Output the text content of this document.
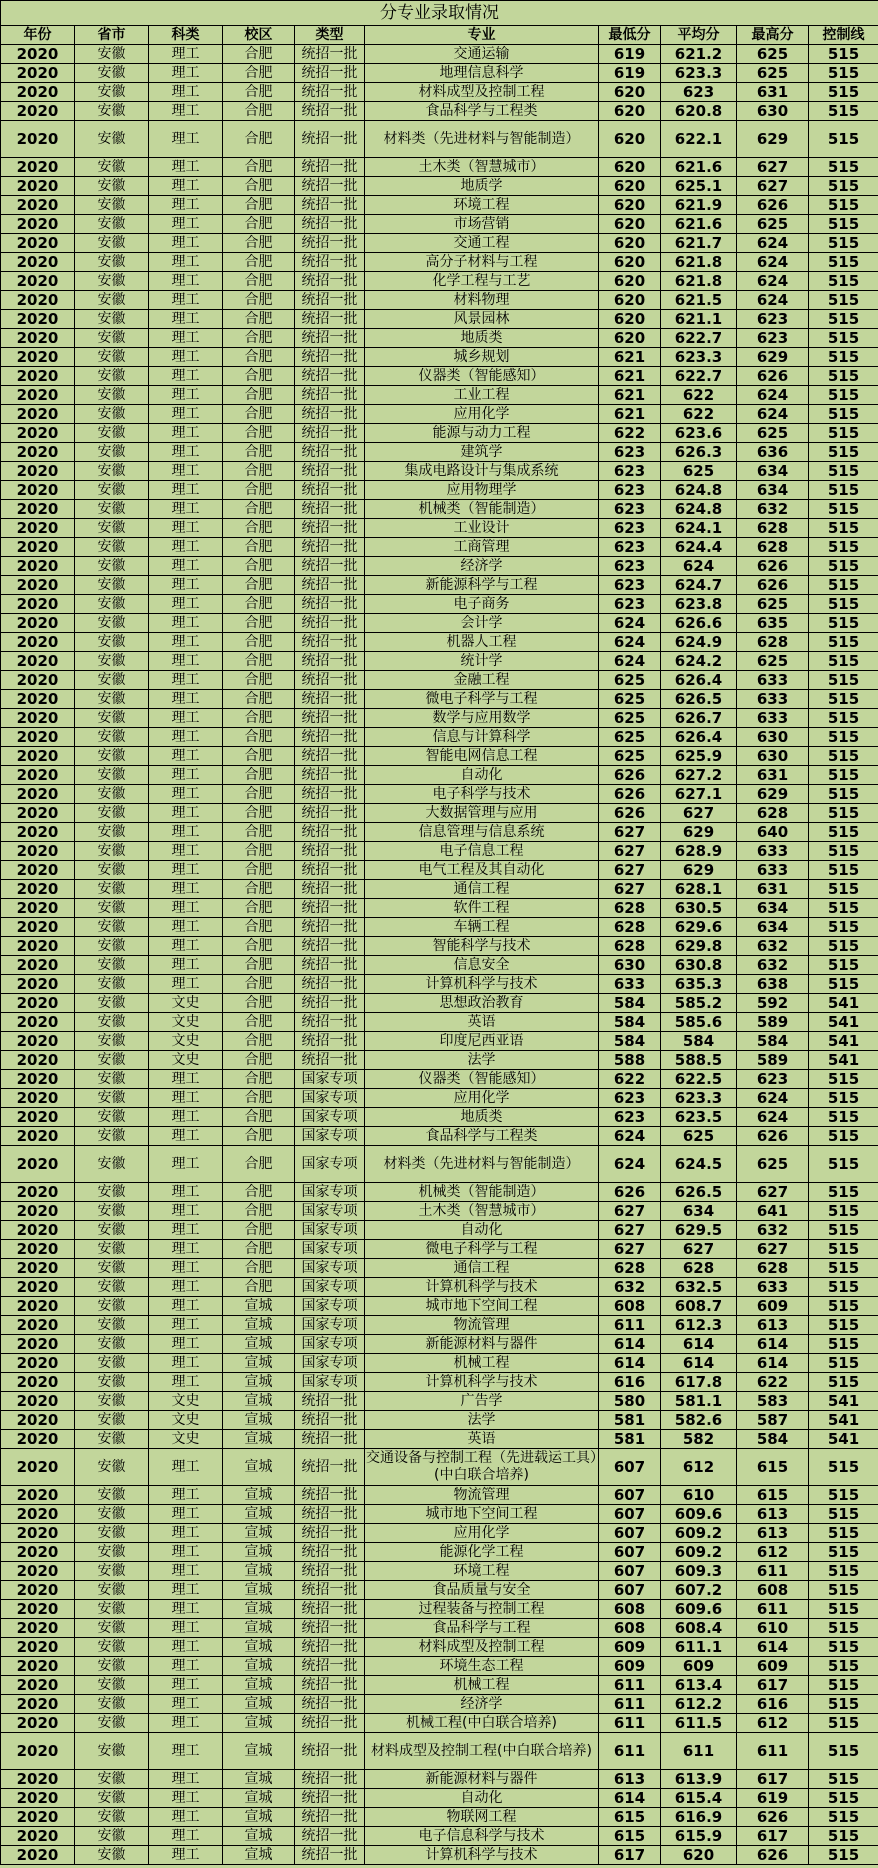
分专业录取情况
年份	省市	科类	校区	类型	专业	最低分	平均分	最高分	控制线
2020	安徽	理工	合肥	统招一批	交通运输	619	621.2	625	515
2020	安徽	理工	合肥	统招一批	地理信息科学	619	623.3	625	515
2020	安徽	理工	合肥	统招一批	材料成型及控制工程	620	623	631	515
2020	安徽	理工	合肥	统招一批	食品科学与工程类	620	620.8	630	515
2020	安徽	理工	合肥	统招一批	材料类（先进材料与智能制造）	620	622.1	629	515
2020	安徽	理工	合肥	统招一批	土木类（智慧城市）	620	621.6	627	515
2020	安徽	理工	合肥	统招一批	地质学	620	625.1	627	515
2020	安徽	理工	合肥	统招一批	环境工程	620	621.9	626	515
2020	安徽	理工	合肥	统招一批	市场营销	620	621.6	625	515
2020	安徽	理工	合肥	统招一批	交通工程	620	621.7	624	515
2020	安徽	理工	合肥	统招一批	高分子材料与工程	620	621.8	624	515
2020	安徽	理工	合肥	统招一批	化学工程与工艺	620	621.8	624	515
2020	安徽	理工	合肥	统招一批	材料物理	620	621.5	624	515
2020	安徽	理工	合肥	统招一批	风景园林	620	621.1	623	515
2020	安徽	理工	合肥	统招一批	地质类	620	622.7	623	515
2020	安徽	理工	合肥	统招一批	城乡规划	621	623.3	629	515
2020	安徽	理工	合肥	统招一批	仪器类（智能感知）	621	622.7	626	515
2020	安徽	理工	合肥	统招一批	工业工程	621	622	624	515
2020	安徽	理工	合肥	统招一批	应用化学	621	622	624	515
2020	安徽	理工	合肥	统招一批	能源与动力工程	622	623.6	625	515
2020	安徽	理工	合肥	统招一批	建筑学	623	626.3	636	515
2020	安徽	理工	合肥	统招一批	集成电路设计与集成系统	623	625	634	515
2020	安徽	理工	合肥	统招一批	应用物理学	623	624.8	634	515
2020	安徽	理工	合肥	统招一批	机械类（智能制造）	623	624.8	632	515
2020	安徽	理工	合肥	统招一批	工业设计	623	624.1	628	515
2020	安徽	理工	合肥	统招一批	工商管理	623	624.4	628	515
2020	安徽	理工	合肥	统招一批	经济学	623	624	626	515
2020	安徽	理工	合肥	统招一批	新能源科学与工程	623	624.7	626	515
2020	安徽	理工	合肥	统招一批	电子商务	623	623.8	625	515
2020	安徽	理工	合肥	统招一批	会计学	624	626.6	635	515
2020	安徽	理工	合肥	统招一批	机器人工程	624	624.9	628	515
2020	安徽	理工	合肥	统招一批	统计学	624	624.2	625	515
2020	安徽	理工	合肥	统招一批	金融工程	625	626.4	633	515
2020	安徽	理工	合肥	统招一批	微电子科学与工程	625	626.5	633	515
2020	安徽	理工	合肥	统招一批	数学与应用数学	625	626.7	633	515
2020	安徽	理工	合肥	统招一批	信息与计算科学	625	626.4	630	515
2020	安徽	理工	合肥	统招一批	智能电网信息工程	625	625.9	630	515
2020	安徽	理工	合肥	统招一批	自动化	626	627.2	631	515
2020	安徽	理工	合肥	统招一批	电子科学与技术	626	627.1	629	515
2020	安徽	理工	合肥	统招一批	大数据管理与应用	626	627	628	515
2020	安徽	理工	合肥	统招一批	信息管理与信息系统	627	629	640	515
2020	安徽	理工	合肥	统招一批	电子信息工程	627	628.9	633	515
2020	安徽	理工	合肥	统招一批	电气工程及其自动化	627	629	633	515
2020	安徽	理工	合肥	统招一批	通信工程	627	628.1	631	515
2020	安徽	理工	合肥	统招一批	软件工程	628	630.5	634	515
2020	安徽	理工	合肥	统招一批	车辆工程	628	629.6	634	515
2020	安徽	理工	合肥	统招一批	智能科学与技术	628	629.8	632	515
2020	安徽	理工	合肥	统招一批	信息安全	630	630.8	632	515
2020	安徽	理工	合肥	统招一批	计算机科学与技术	633	635.3	638	515
2020	安徽	文史	合肥	统招一批	思想政治教育	584	585.2	592	541
2020	安徽	文史	合肥	统招一批	英语	584	585.6	589	541
2020	安徽	文史	合肥	统招一批	印度尼西亚语	584	584	584	541
2020	安徽	文史	合肥	统招一批	法学	588	588.5	589	541
2020	安徽	理工	合肥	国家专项	仪器类（智能感知）	622	622.5	623	515
2020	安徽	理工	合肥	国家专项	应用化学	623	623.3	624	515
2020	安徽	理工	合肥	国家专项	地质类	623	623.5	624	515
2020	安徽	理工	合肥	国家专项	食品科学与工程类	624	625	626	515
2020	安徽	理工	合肥	国家专项	材料类（先进材料与智能制造）	624	624.5	625	515
2020	安徽	理工	合肥	国家专项	机械类（智能制造）	626	626.5	627	515
2020	安徽	理工	合肥	国家专项	土木类（智慧城市）	627	634	641	515
2020	安徽	理工	合肥	国家专项	自动化	627	629.5	632	515
2020	安徽	理工	合肥	国家专项	微电子科学与工程	627	627	627	515
2020	安徽	理工	合肥	国家专项	通信工程	628	628	628	515
2020	安徽	理工	合肥	国家专项	计算机科学与技术	632	632.5	633	515
2020	安徽	理工	宣城	国家专项	城市地下空间工程	608	608.7	609	515
2020	安徽	理工	宣城	国家专项	物流管理	611	612.3	613	515
2020	安徽	理工	宣城	国家专项	新能源材料与器件	614	614	614	515
2020	安徽	理工	宣城	国家专项	机械工程	614	614	614	515
2020	安徽	理工	宣城	国家专项	计算机科学与技术	616	617.8	622	515
2020	安徽	文史	宣城	统招一批	广告学	580	581.1	583	541
2020	安徽	文史	宣城	统招一批	法学	581	582.6	587	541
2020	安徽	文史	宣城	统招一批	英语	581	582	584	541
2020	安徽	理工	宣城	统招一批	交通设备与控制工程（先进载运工具）(中白联合培养)	607	612	615	515
2020	安徽	理工	宣城	统招一批	物流管理	607	610	615	515
2020	安徽	理工	宣城	统招一批	城市地下空间工程	607	609.6	613	515
2020	安徽	理工	宣城	统招一批	应用化学	607	609.2	613	515
2020	安徽	理工	宣城	统招一批	能源化学工程	607	609.2	612	515
2020	安徽	理工	宣城	统招一批	环境工程	607	609.3	611	515
2020	安徽	理工	宣城	统招一批	食品质量与安全	607	607.2	608	515
2020	安徽	理工	宣城	统招一批	过程装备与控制工程	608	609.6	611	515
2020	安徽	理工	宣城	统招一批	食品科学与工程	608	608.4	610	515
2020	安徽	理工	宣城	统招一批	材料成型及控制工程	609	611.1	614	515
2020	安徽	理工	宣城	统招一批	环境生态工程	609	609	609	515
2020	安徽	理工	宣城	统招一批	机械工程	611	613.4	617	515
2020	安徽	理工	宣城	统招一批	经济学	611	612.2	616	515
2020	安徽	理工	宣城	统招一批	机械工程(中白联合培养)	611	611.5	612	515
2020	安徽	理工	宣城	统招一批	材料成型及控制工程(中白联合培养)	611	611	611	515
2020	安徽	理工	宣城	统招一批	新能源材料与器件	613	613.9	617	515
2020	安徽	理工	宣城	统招一批	自动化	614	615.4	619	515
2020	安徽	理工	宣城	统招一批	物联网工程	615	616.9	626	515
2020	安徽	理工	宣城	统招一批	电子信息科学与技术	615	615.9	617	515
2020	安徽	理工	宣城	统招一批	计算机科学与技术	617	620	626	515
